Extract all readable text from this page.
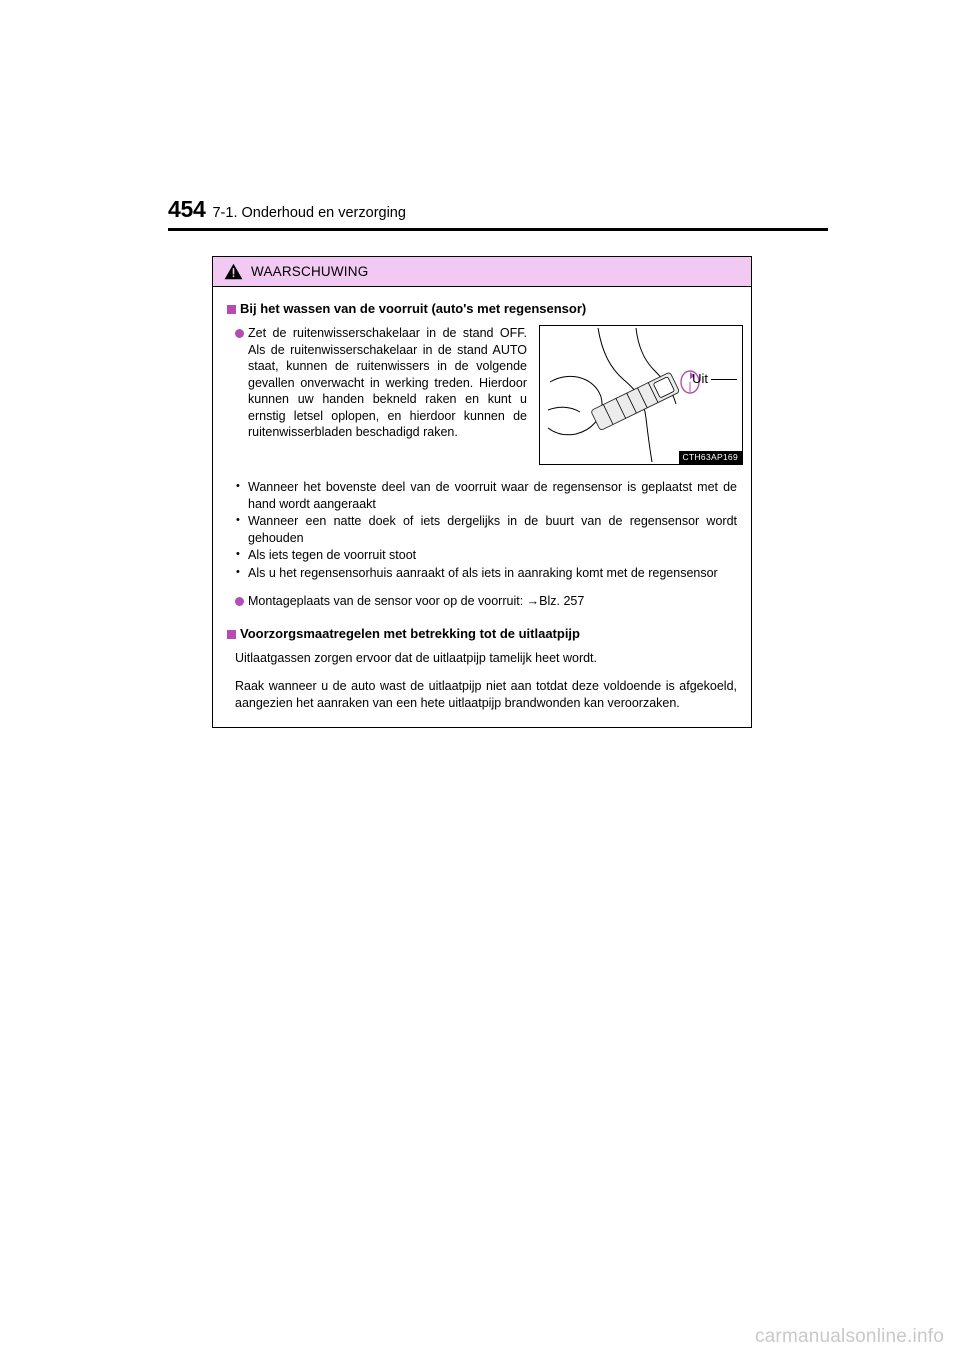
454 7-1. Onderhoud en verzorging
WAARSCHUWING
Bij het wassen van de voorruit (auto's met regensensor)

Zet de ruitenwisserschakelaar in de stand OFF. Als de ruitenwisserschakelaar in de stand AUTO staat, kunnen de ruitenwissers in de volgende gevallen onverwacht in werking treden. Hierdoor kunnen uw handen bekneld raken en kunt u ernstig letsel oplopen, en hierdoor kunnen de ruitenwisserbladen beschadigd raken.

Uit
CTH63AP169
• Wanneer het bovenste deel van de voorruit waar de regensensor is geplaatst met de hand wordt aangeraakt
• Wanneer een natte doek of iets dergelijks in de buurt van de regensensor wordt gehouden
• Als iets tegen de voorruit stoot
• Als u het regensensorhuis aanraakt of als iets in aanraking komt met de regensensor

Montageplaats van de sensor voor op de voorruit: →Blz. 257

Voorzorgsmaatregelen met betrekking tot de uitlaatpijp

Uitlaatgassen zorgen ervoor dat de uitlaatpijp tamelijk heet wordt.

Raak wanneer u de auto wast de uitlaatpijp niet aan totdat deze voldoende is afgekoeld, aangezien het aanraken van een hete uitlaatpijp brandwonden kan veroorzaken.

carmanualsonline.info
